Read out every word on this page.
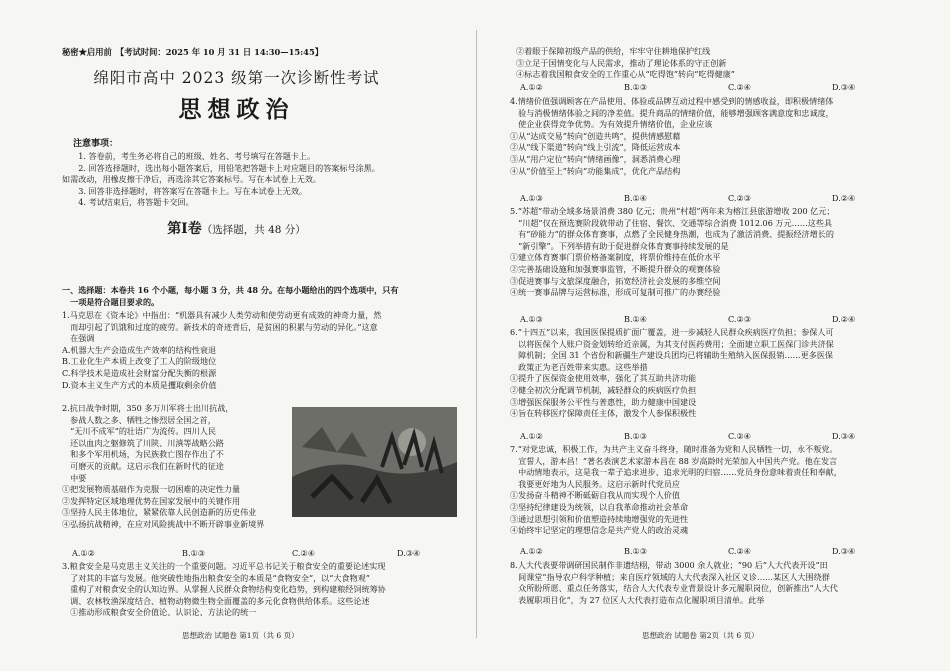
秘密★启用前　【考试时间：2025 年 10 月 31 日 14:30—15:45】
绵阳市高中 2023 级第一次诊断性考试
思想政治
注意事项：
　　1. 答卷前，考生务必将自己的班级、姓名、考号填写在答题卡上。
　　2. 回答选择题时，选出每小题答案后，用铅笔把答题卡上对应题目的答案标号涂黑。
如需改动，用橡皮擦干净后，再选涂其它答案标号。写在本试卷上无效。
　　3. 回答非选择题时，将答案写在答题卡上。写在本试卷上无效。
　　4. 考试结束后，将答题卡交回。
第Ⅰ卷（选择题，共 48 分）
一、选择题：本卷共 16 个小题，每小题 3 分，共 48 分。在每小题给出的四个选项中，只有
　一项是符合题目要求的。
1.马克思在《资本论》中指出：“机器具有减少人类劳动和使劳动更有成效的神奇力量，然
　而却引起了饥饿和过度的疲劳。新技术的奇迹背后，是贫困的积累与劳动的异化。”这意
　在强调
A.机器大生产会造成生产效率的结构性衰退
B.工业化生产本质上改变了工人的阶级地位
C.科学技术是造成社会财富分配失衡的根源
D.资本主义生产方式的本质是攫取剩余价值
2.抗日战争时期，350 多万川军将士出川抗战，
　参战人数之多、牺牲之惨烈居全国之首，
　“无川不成军”的壮语广为流传。四川人民
　还以血肉之躯修筑了川陕、川滇等战略公路
　和多个军用机场，为民族救亡图存作出了不
　可磨灭的贡献。这启示我们在新时代的征途
　中要
①把发展物质基础作为克服一切困难的决定性力量
②发挥特定区域地理优势在国家发展中的关键作用
③坚持人民主体地位，紧紧依靠人民创造新的历史伟业
④弘扬抗战精神，在应对风险挑战中不断开辟事业新境界
A.①②	B.①③	C.②④	D.③④
3.粮食安全是马克思主义关注的一个重要问题。习近平总书记关于粮食安全的重要论述实现
　了对其的丰富与发展。他突破性地指出粮食安全的本质是“食物安全”，以“大食物观”
　重构了对粮食安全的认知边界。从掌握人民群众食物结构变化趋势，到构建粮经饲统筹协
　调、农林牧渔深度结合、植物动物微生物全面覆盖的多元化食物供给体系。这些论述
　①推动形成粮食安全价值论、认识论、方法论的统一
思想政治 试题卷 第1页（共 6 页）
②着眼于保障初级产品的供给，牢牢守住耕地保护红线
③立足于国情变化与人民需求，推动了理论体系的守正创新
④标志着我国粮食安全的工作重心从“吃得饱”转向“吃得健康”
A.①②	B.①③	C.②④	D.③④
4.情绪价值强调顾客在产品使用、体验或品牌互动过程中感受到的情感收益，即积极情绪体
　验与消极情绪体验之间的净差值。提升商品的情绪价值，能够增强顾客满意度和忠诚度，
　使企业获得竞争优势。为有效提升情绪价值，企业应该
①从“达成交易”转向“创造共鸣”，提供情感慰藉
②从“线下渠道”转向“线上引流”，降低运营成本
③从“用户定位”转向“情绪画像”，洞悉消费心理
④从“价值至上”转向“功能集成”，优化产品结构
A.①③	B.①④	C.②③	D.②④
5.“苏超”带动全域多场景消费 380 亿元；贵州“村超”两年来为榕江县旅游增收 200 亿元；
　“川超”仅在预选赛阶段就带动了住宿、餐饮、交通等综合消费 1012.06 万元……这些具
　有“砂能力”的群众体育赛事，点燃了全民健身热潮，也成为了激活消费、提振经济增长的
　“新引擎”。下列举措有助于促进群众体育赛事持续发展的是
①建立体育赛事门票价格备案制度，将票价维持在低价水平
②完善基础设施和加强赛事监管，不断提升群众的观赛体验
③促进赛事与文旅深度融合，拓宽经济社会发展的多维空间
④统一赛事品牌与运营标准，形成可复制可推广的办赛经验
A.①③	B.①④	C.②③	D.②④
6.“十四五”以来，我国医保提质扩面广覆盖，进一步减轻人民群众疾病医疗负担；参保人可
　以将医保个人账户资金划转给近亲属，为其支付医药费用；全面建立职工医保门诊共济保
　障机制；全国 31 个省份和新疆生产建设兵团均已将辅助生殖纳入医保报销……更多医保
　政策正为老百姓带来实惠。这些举措
①提升了医保资金使用效率，强化了其互助共济功能
②健全初次分配调节机制，减轻群众的疾病医疗负担
③增强医保服务公平性与普惠性，助力健康中国建设
④旨在转移医疗保障责任主体，激发个人参保积极性
A.①②	B.①③	C.②④	D.③④
7.“对党忠诚，积极工作，为共产主义奋斗终身，随时准备为党和人民牺牲一切，永不叛党。
　宣誓人，游本昌！”著名表演艺术家游本昌在 88 岁高龄时光荣加入中国共产党。他在发言
　中动情地表示，这是我一辈子追求进步、追求光明的归宿……党员身份意味着责任和奉献，
　我要更好地为人民服务。这启示新时代党员应
①发扬奋斗精神不断砥砺自我从而实现个人价值
②坚持纪律建设为统领，以自我革命推动社会革命
③通过思想引领和价值塑造持续地增强党的先进性
④始终牢记坚定的理想信念是共产党人的政治灵魂
A.①②	B.①③	C.②④	D.③④
8.人大代表要带调研国民制作非遗结栩，带动 3000 余人就业；“90 后”人大代表开设“田
　间课堂”指导农户科学种植；来自医疗领域的人大代表深入社区义诊……某区人大围绕群
　众所盼所愿、重点任务落实，结合人大代表专业背景设计多元履职岗位，创新推出“人大代
　表履职项目化”，为 27 位区人大代表打造布点化履职项目清单。此举
思想政治 试题卷 第2页（共 6 页）
